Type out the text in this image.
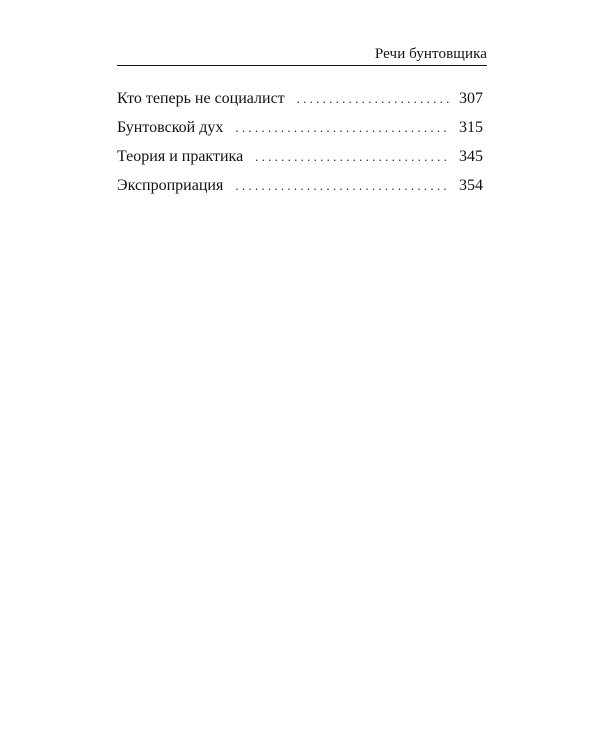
Речи бунтовщика
Кто теперь не социалист . . .	307
Бунтовской дух . . .	315
Теория и практика . . .	345
Экспроприация . . .	354
